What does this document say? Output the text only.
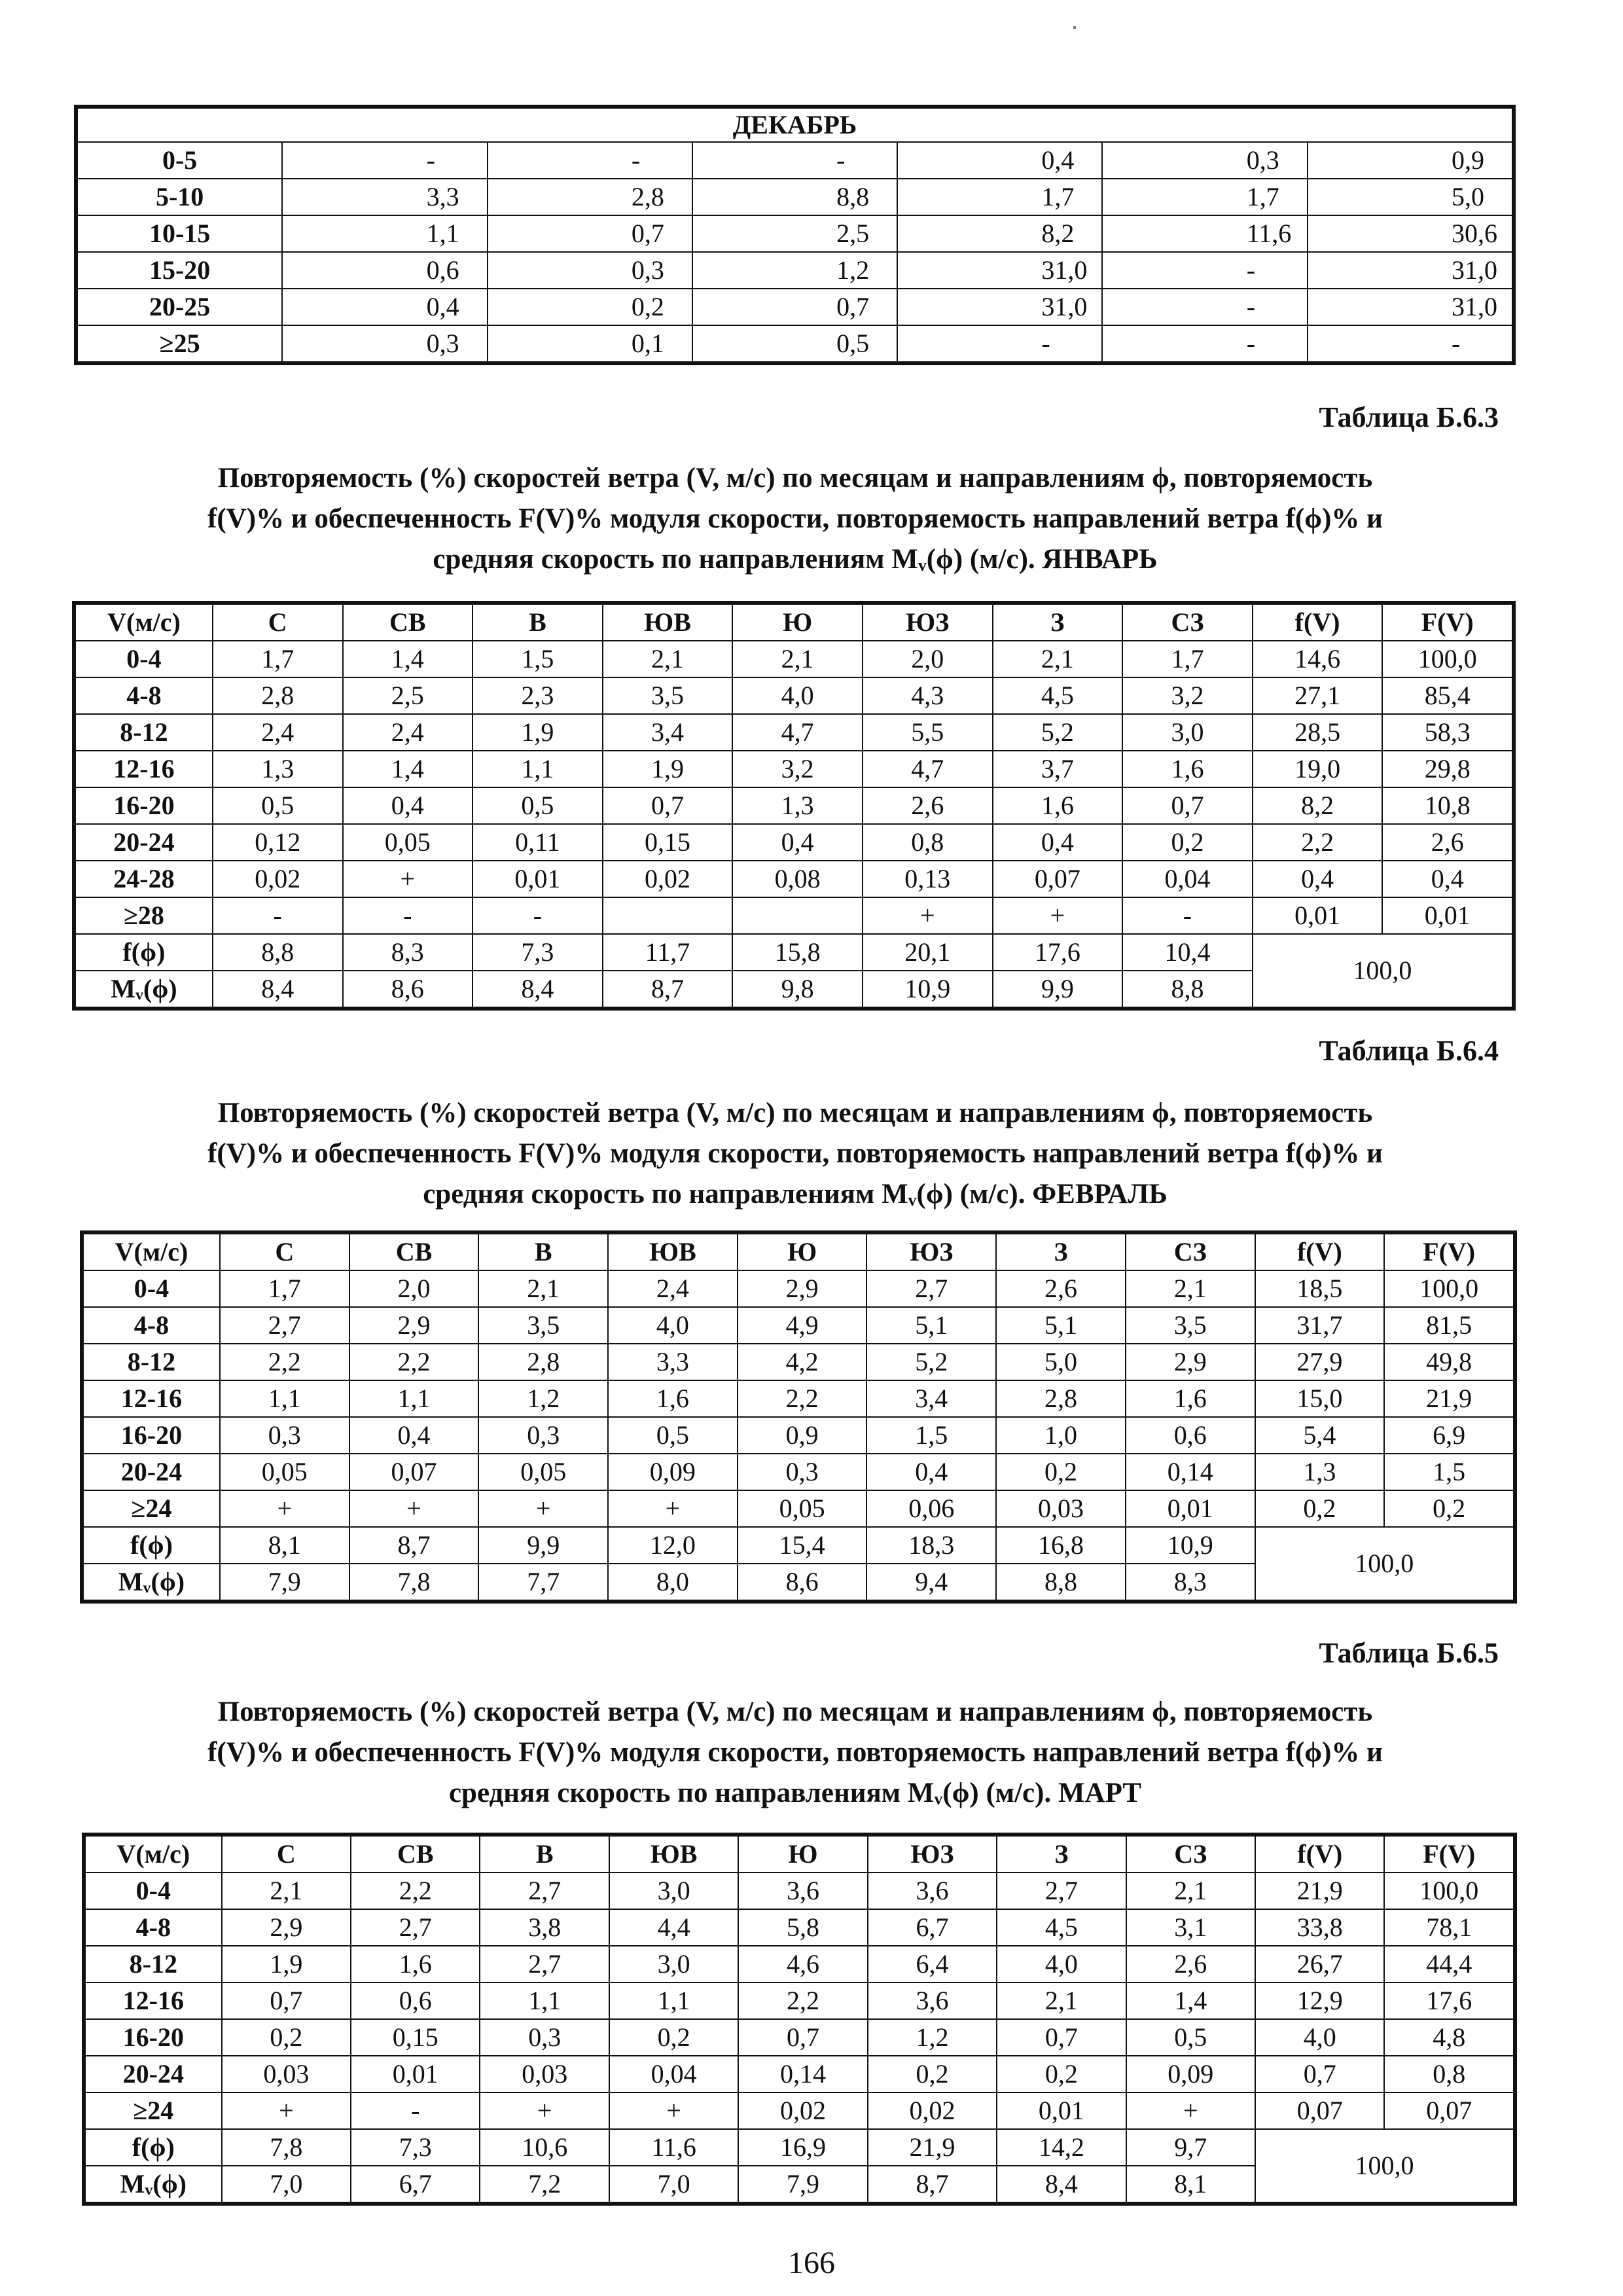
ДЕКАБРЬ						
0-5	-	-	-	0,4	0,3	0,9
5-10	3,3	2,8	8,8	1,7	1,7	5,0
10-15	1,1	0,7	2,5	8,2	11,6	30,6
15-20	0,6	0,3	1,2	31,0	-	31,0
20-25	0,4	0,2	0,7	31,0	-	31,0
≥25	0,3	0,1	0,5	-	-	-
Таблица Б.6.3
Повторяемость (%) скоростей ветра (V, м/с) по месяцам и направлениям ϕ, повторяемость
f(V)% и обеспеченность F(V)% модуля скорости, повторяемость направлений ветра f(ϕ)% и
средняя скорость по направлениям Mᵥ(ϕ) (м/с). ЯНВАРЬ
V(м/с)	С	СВ	В	ЮВ	Ю	ЮЗ	З	СЗ	f(V)	F(V)
0-4	1,7	1,4	1,5	2,1	2,1	2,0	2,1	1,7	14,6	100,0
4-8	2,8	2,5	2,3	3,5	4,0	4,3	4,5	3,2	27,1	85,4
8-12	2,4	2,4	1,9	3,4	4,7	5,5	5,2	3,0	28,5	58,3
12-16	1,3	1,4	1,1	1,9	3,2	4,7	3,7	1,6	19,0	29,8
16-20	0,5	0,4	0,5	0,7	1,3	2,6	1,6	0,7	8,2	10,8
20-24	0,12	0,05	0,11	0,15	0,4	0,8	0,4	0,2	2,2	2,6
24-28	0,02	+	0,01	0,02	0,08	0,13	0,07	0,04	0,4	0,4
≥28	-	-	-			+	+	-	0,01	0,01
f(ϕ)	8,8	8,3	7,3	11,7	15,8	20,1	17,6	10,4	100,0	
Mᵥ(ϕ)	8,4	8,6	8,4	8,7	9,8	10,9	9,9	8,8		
Таблица Б.6.4
Повторяемость (%) скоростей ветра (V, м/с) по месяцам и направлениям ϕ, повторяемость
f(V)% и обеспеченность F(V)% модуля скорости, повторяемость направлений ветра f(ϕ)% и
средняя скорость по направлениям Mᵥ(ϕ) (м/с). ФЕВРАЛЬ
V(м/с)	С	СВ	В	ЮВ	Ю	ЮЗ	З	СЗ	f(V)	F(V)
0-4	1,7	2,0	2,1	2,4	2,9	2,7	2,6	2,1	18,5	100,0
4-8	2,7	2,9	3,5	4,0	4,9	5,1	5,1	3,5	31,7	81,5
8-12	2,2	2,2	2,8	3,3	4,2	5,2	5,0	2,9	27,9	49,8
12-16	1,1	1,1	1,2	1,6	2,2	3,4	2,8	1,6	15,0	21,9
16-20	0,3	0,4	0,3	0,5	0,9	1,5	1,0	0,6	5,4	6,9
20-24	0,05	0,07	0,05	0,09	0,3	0,4	0,2	0,14	1,3	1,5
≥24	+	+	+	+	0,05	0,06	0,03	0,01	0,2	0,2
f(ϕ)	8,1	8,7	9,9	12,0	15,4	18,3	16,8	10,9	100,0	
Mᵥ(ϕ)	7,9	7,8	7,7	8,0	8,6	9,4	8,8	8,3		
Таблица Б.6.5
Повторяемость (%) скоростей ветра (V, м/с) по месяцам и направлениям ϕ, повторяемость
f(V)% и обеспеченность F(V)% модуля скорости, повторяемость направлений ветра f(ϕ)% и
средняя скорость по направлениям Mᵥ(ϕ) (м/с). МАРТ
V(м/с)	С	СВ	В	ЮВ	Ю	ЮЗ	З	СЗ	f(V)	F(V)
0-4	2,1	2,2	2,7	3,0	3,6	3,6	2,7	2,1	21,9	100,0
4-8	2,9	2,7	3,8	4,4	5,8	6,7	4,5	3,1	33,8	78,1
8-12	1,9	1,6	2,7	3,0	4,6	6,4	4,0	2,6	26,7	44,4
12-16	0,7	0,6	1,1	1,1	2,2	3,6	2,1	1,4	12,9	17,6
16-20	0,2	0,15	0,3	0,2	0,7	1,2	0,7	0,5	4,0	4,8
20-24	0,03	0,01	0,03	0,04	0,14	0,2	0,2	0,09	0,7	0,8
≥24	+	-	+	+	0,02	0,02	0,01	+	0,07	0,07
f(ϕ)	7,8	7,3	10,6	11,6	16,9	21,9	14,2	9,7	100,0	
Mᵥ(ϕ)	7,0	6,7	7,2	7,0	7,9	8,7	8,4	8,1		
166
